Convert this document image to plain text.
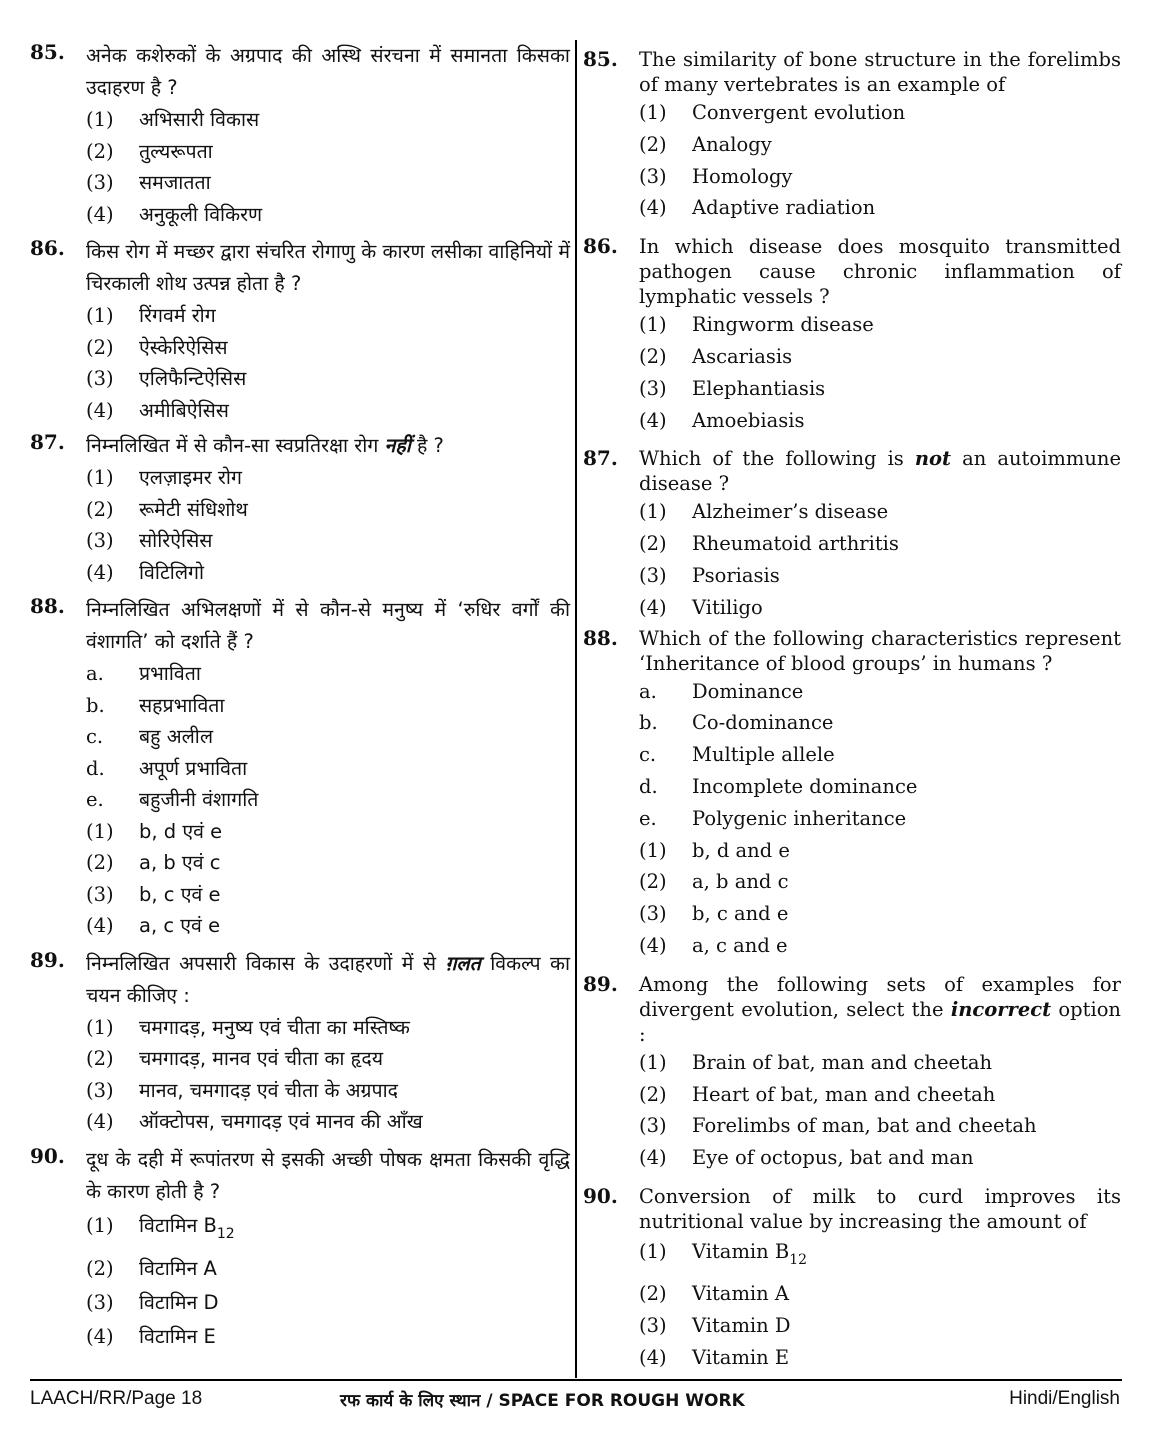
85. अनेक कशेरुकों के अग्रपाद की अस्थि संरचना में समानता किसका उदाहरण है ?

(1) अभिसारी विकास
(2) तुल्यरूपता
(3) समजातता
(4) अनुकूली विकिरण
86. किस रोग में मच्छर द्वारा संचरित रोगाणु के कारण लसीका वाहिनियों में चिरकाली शोथ उत्पन्न होता है ?

(1) रिंगवर्म रोग
(2) ऐस्केरिऐसिस
(3) एलिफैन्टिऐसिस
(4) अमीबिऐसिस
87. निम्नलिखित में से कौन-सा स्वप्रतिरक्षा रोग नहीं है ?

(1) एलज़ाइमर रोग
(2) रूमेटी संधिशोथ
(3) सोरिऐसिस
(4) विटिलिगो
88. निम्नलिखित अभिलक्षणों में से कौन-से मनुष्य में ‘रुधिर वर्गों की वंशागति’ को दर्शाते हैं ?

a. प्रभाविता
b. सहप्रभाविता
c. बहु अलील
d. अपूर्ण प्रभाविता
e. बहुजीनी वंशागति
(1) b, d एवं e
(2) a, b एवं c
(3) b, c एवं e
(4) a, c एवं e
89. निम्नलिखित अपसारी विकास के उदाहरणों में से ग़लत विकल्प का चयन कीजिए :

(1) चमगादड़, मनुष्य एवं चीता का मस्तिष्क
(2) चमगादड़, मानव एवं चीता का हृदय
(3) मानव, चमगादड़ एवं चीता के अग्रपाद
(4) ऑक्टोपस, चमगादड़ एवं मानव की आँख
90. दूध के दही में रूपांतरण से इसकी अच्छी पोषक क्षमता किसकी वृद्धि के कारण होती है ?

(1) विटामिन $B_{12}$
(2) विटामिन A
(3) विटामिन D
(4) विटामिन E
85. The similarity of bone structure in the forelimbs of many vertebrates is an example of

(1) Convergent evolution
(2) Analogy
(3) Homology
(4) Adaptive radiation
86. In which disease does mosquito transmitted pathogen cause chronic inflammation of lymphatic vessels ?

(1) Ringworm disease
(2) Ascariasis
(3) Elephantiasis
(4) Amoebiasis
87. Which of the following is not an autoimmune disease ?

(1) Alzheimer’s disease
(2) Rheumatoid arthritis
(3) Psoriasis
(4) Vitiligo
88. Which of the following characteristics represent ‘Inheritance of blood groups’ in humans ?

a. Dominance
b. Co-dominance
c. Multiple allele
d. Incomplete dominance
e. Polygenic inheritance
(1) b, d and e
(2) a, b and c
(3) b, c and e
(4) a, c and e
89. Among the following sets of examples for divergent evolution, select the incorrect option :

(1) Brain of bat, man and cheetah
(2) Heart of bat, man and cheetah
(3) Forelimbs of man, bat and cheetah
(4) Eye of octopus, bat and man
90. Conversion of milk to curd improves its nutritional value by increasing the amount of

(1) Vitamin $B_{12}$
(2) Vitamin A
(3) Vitamin D
(4) Vitamin E
LAACH/RR/Page 18	रफ कार्य के लिए स्थान / SPACE FOR ROUGH WORK	Hindi/English
